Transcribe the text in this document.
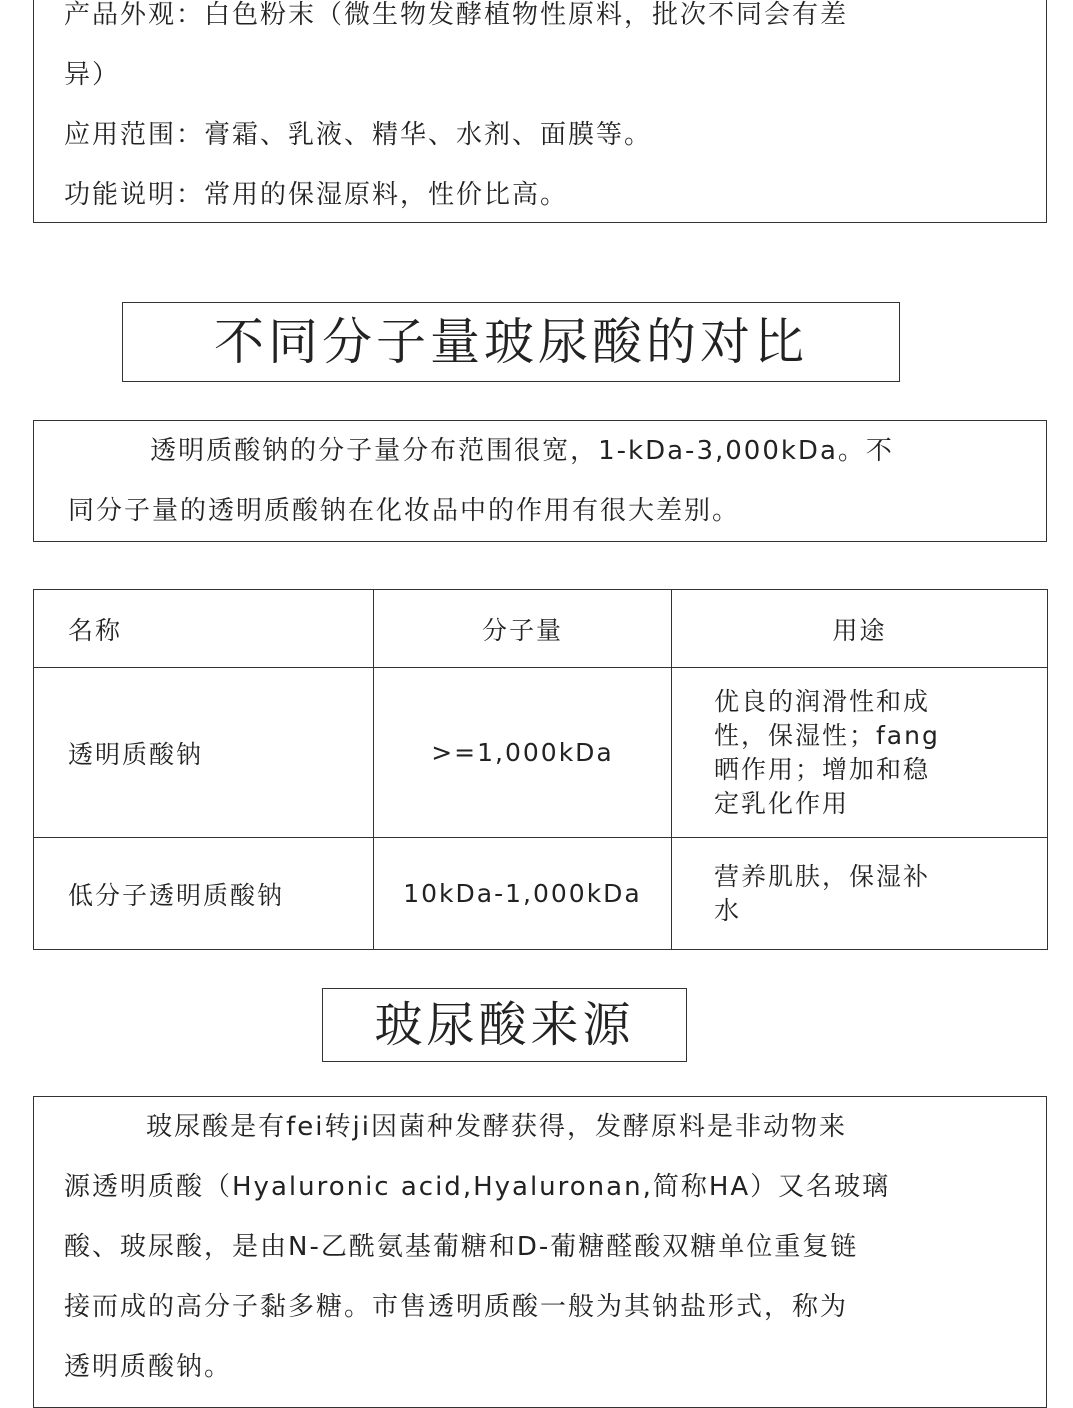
产品外观：白色粉末（微生物发酵植物性原料，批次不同会有差

异）

应用范围：膏霜、乳液、精华、水剂、面膜等。

功能说明：常用的保湿原料，性价比高。

不同分子量玻尿酸的对比

透明质酸钠的分子量分布范围很宽，1-kDa-3,000kDa。不

同分子量的透明质酸钠在化妆品中的作用有很大差别。

名称	分子量	用途
透明质酸钠	>=1,000kDa	优良的润滑性和成
性，保湿性；fang
晒作用；增加和稳
定乳化作用

低分子透明质酸钠	10kDa-1,000kDa	营养肌肤，保湿补
水
玻尿酸来源

玻尿酸是有fei转ji因菌种发酵获得，发酵原料是非动物来

源透明质酸（Hyaluronic acid,Hyaluronan,简称HA）又名玻璃

酸、玻尿酸，是由N-乙酰氨基葡糖和D-葡糖醛酸双糖单位重复链

接而成的高分子黏多糖。市售透明质酸一般为其钠盐形式，称为

透明质酸钠。
